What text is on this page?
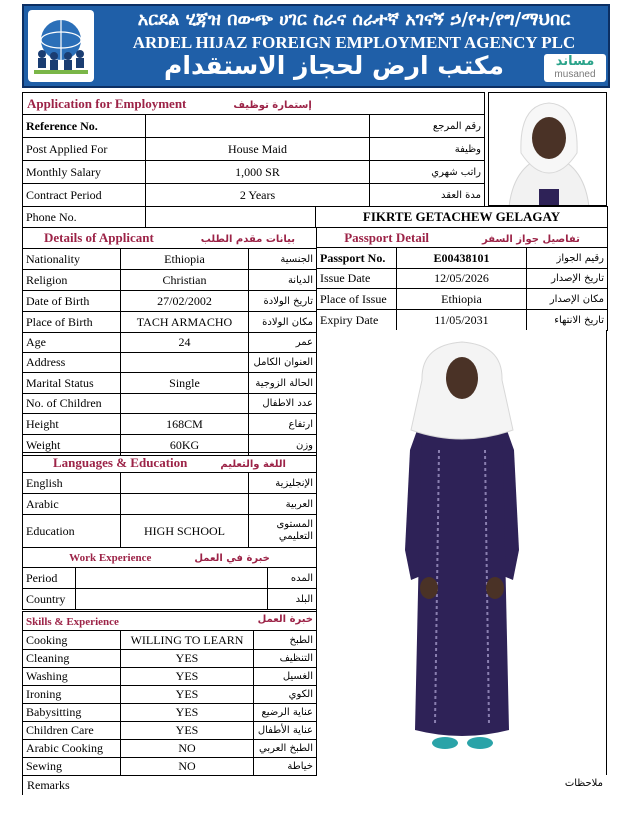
አርደል ሂጃዝ በውጭ ሀገር ስራና ሰራተኛ አገናኝ ኃ/የተ/የግ/ማህበር
ARDEL HIJAZ FOREIGN EMPLOYMENT AGENCY PLC
مكتب ارض لحجاز الاستقدام	مساند
musaned
Application for Employment إستمارة توظيف		
Reference No.		رقم المرجع
Post Applied For	House Maid	وظيفة
Monthly Salary	1,000 SR	راتب شهري
Contract Period	2 Years	مدة العقد
Phone No.		FIKRTE GETACHEW GELAGAY
Details of Applicant بيانات مقدم الطلب		
Nationality	Ethiopia	الجنسية
Religion	Christian	الديانة
Date of Birth	27/02/2002	تاريخ الولادة
Place of Birth	TACH ARMACHO	مكان الولادة
Age	24	عمر
Address		العنوان الكامل
Marital Status	Single	الحالة الزوجية
No. of Children		عدد الاطفال
Height	168CM	ارتفاع
Weight	60KG	وزن
Passport Detail تفاصيل جواز السفر		
Passport No.	E00438101	رقيم الجواز
Issue Date	12/05/2026	تاريخ الإصدار
Place of Issue	Ethiopia	مكان الإصدار
Expiry Date	11/05/2031	تاريخ الانتهاء
Languages & Education اللغة والتعليم		
English		الإنجليزية
Arabic		العربية
Education	HIGH SCHOOL	المستوى التعليمي
Work Experience خبرة في العمل		
Period		المده
Country		البلد
Skills & Experience خبرة العمل		

Cooking	WILLING TO LEARN	الطبخ
Cleaning	YES	التنظيف
Washing	YES	الغسيل
Ironing	YES	الكوي
Babysitting	YES	عناية الرضيع
Children Care	YES	عناية الأطفال
Arabic Cooking	NO	الطبخ العربي
Sewing	NO	خياطة
Remarks	ملاحظات
